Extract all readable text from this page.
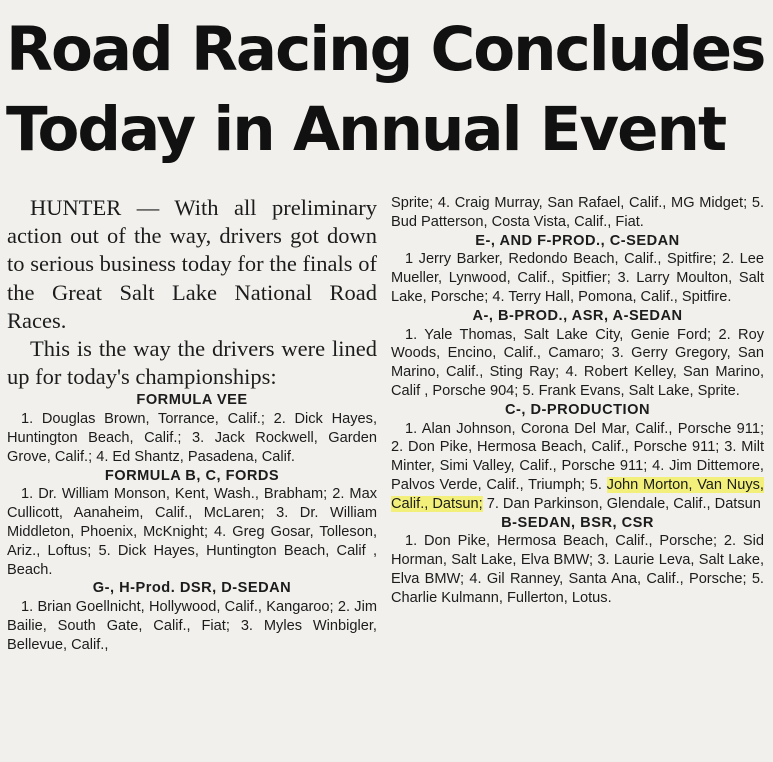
Road Racing Concludes
Today in Annual Event

HUNTER — With all preliminary action out of the way, drivers got down to serious business today for the finals of the Great Salt Lake National Road Races.

This is the way the drivers were lined up for today's championships:

FORMULA VEE

1. Douglas Brown, Torrance, Calif.; 2. Dick Hayes, Huntington Beach, Calif.; 3. Jack Rockwell, Garden Grove, Calif.; 4. Ed Shantz, Pasadena, Calif.

FORMULA B, C, FORDS

1. Dr. William Monson, Kent, Wash., Brabham; 2. Max Cullicott, Aanaheim, Calif., McLaren; 3. Dr. William Middleton, Phoenix, McKnight; 4. Greg Gosar, Tolleson, Ariz., Loftus; 5. Dick Hayes, Huntington Beach, Calif , Beach.

G-, H-Prod. DSR, D-SEDAN

1. Brian Goellnicht, Hollywood, Calif., Kangaroo; 2. Jim Bailie, South Gate, Calif., Fiat; 3. Myles Winbigler, Bellevue, Calif.,

Sprite; 4. Craig Murray, San Rafael, Calif., MG Midget; 5. Bud Patterson, Costa Vista, Calif., Fiat.

E-, AND F-PROD., C-SEDAN

1 Jerry Barker, Redondo Beach, Calif., Spitfire; 2. Lee Mueller, Lynwood, Calif., Spitfier; 3. Larry Moulton, Salt Lake, Porsche; 4. Terry Hall, Pomona, Calif., Spitfire.

A-, B-PROD., ASR, A-SEDAN

1. Yale Thomas, Salt Lake City, Genie Ford; 2. Roy Woods, Encino, Calif., Camaro; 3. Gerry Gregory, San Marino, Calif., Sting Ray; 4. Robert Kelley, San Marino, Calif , Porsche 904; 5. Frank Evans, Salt Lake, Sprite.

C-, D-PRODUCTION

1. Alan Johnson, Corona Del Mar, Calif., Porsche 911; 2. Don Pike, Hermosa Beach, Calif., Porsche 911; 3. Milt Minter, Simi Valley, Calif., Porsche 911; 4. Jim Dittemore, Palvos Verde, Calif., Triumph; 5. John Morton, Van Nuys, Calif., Datsun; 7. Dan Parkinson, Glendale, Calif., Datsun

B-SEDAN, BSR, CSR

1. Don Pike, Hermosa Beach, Calif., Porsche; 2. Sid Horman, Salt Lake, Elva BMW; 3. Laurie Leva, Salt Lake, Elva BMW; 4. Gil Ranney, Santa Ana, Calif., Porsche; 5. Charlie Kulmann, Fullerton, Lotus.
